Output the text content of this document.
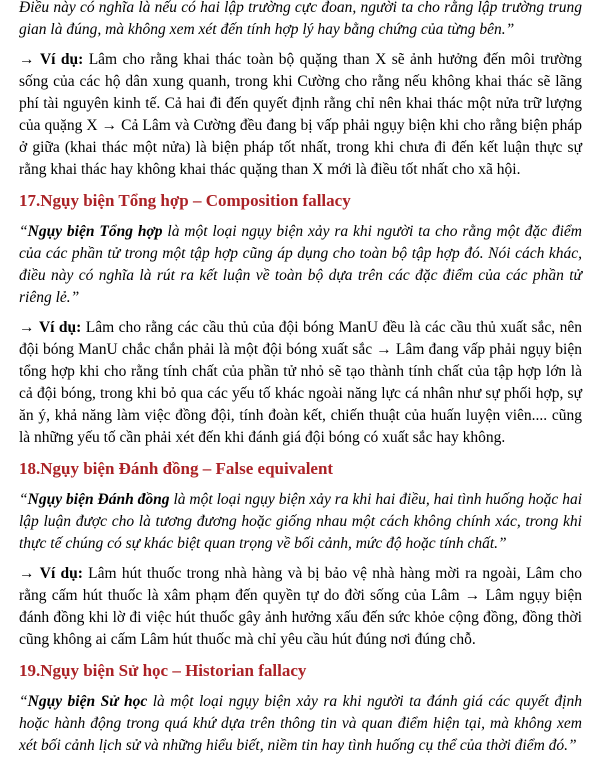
Điều này có nghĩa là nếu có hai lập trường cực đoan, người ta cho rằng lập trường trung gian là đúng, mà không xem xét đến tính hợp lý hay bằng chứng của từng bên.”

→ Ví dụ: Lâm cho rằng khai thác toàn bộ quặng than X sẽ ảnh hưởng đến môi trường sống của các hộ dân xung quanh, trong khi Cường cho rằng nếu không khai thác sẽ lãng phí tài nguyên kinh tế. Cả hai đi đến quyết định rằng chỉ nên khai thác một nửa trữ lượng của quặng X → Cả Lâm và Cường đều đang bị vấp phải ngụy biện khi cho rằng biện pháp ở giữa (khai thác một nửa) là biện pháp tốt nhất, trong khi chưa đi đến kết luận thực sự rằng khai thác hay không khai thác quặng than X mới là điều tốt nhất cho xã hội.

17.Ngụy biện Tổng hợp – Composition fallacy

“Ngụy biện Tổng hợp là một loại ngụy biện xảy ra khi người ta cho rằng một đặc điểm của các phần tử trong một tập hợp cũng áp dụng cho toàn bộ tập hợp đó. Nói cách khác, điều này có nghĩa là rút ra kết luận về toàn bộ dựa trên các đặc điểm của các phần tử riêng lẻ.”

→ Ví dụ: Lâm cho rằng các cầu thủ của đội bóng ManU đều là các cầu thủ xuất sắc, nên đội bóng ManU chắc chắn phải là một đội bóng xuất sắc → Lâm đang vấp phải ngụy biện tổng hợp khi cho rằng tính chất của phần tử nhỏ sẽ tạo thành tính chất của tập hợp lớn là cả đội bóng, trong khi bỏ qua các yếu tố khác ngoài năng lực cá nhân như sự phối hợp, sự ăn ý, khả năng làm việc đồng đội, tính đoàn kết, chiến thuật của huấn luyện viên.... cũng là những yếu tố cần phải xét đến khi đánh giá đội bóng có xuất sắc hay không.

18.Ngụy biện Đánh đồng – False equivalent

“Ngụy biện Đánh đồng là một loại ngụy biện xảy ra khi hai điều, hai tình huống hoặc hai lập luận được cho là tương đương hoặc giống nhau một cách không chính xác, trong khi thực tế chúng có sự khác biệt quan trọng về bối cảnh, mức độ hoặc tính chất.”

→ Ví dụ: Lâm hút thuốc trong nhà hàng và bị bảo vệ nhà hàng mời ra ngoài, Lâm cho rằng cấm hút thuốc là xâm phạm đến quyền tự do đời sống của Lâm → Lâm ngụy biện đánh đồng khi lờ đi việc hút thuốc gây ảnh hưởng xấu đến sức khỏe cộng đồng, đồng thời cũng không ai cấm Lâm hút thuốc mà chỉ yêu cầu hút đúng nơi đúng chỗ.

19.Ngụy biện Sử học – Historian fallacy

“Ngụy biện Sử học là một loại ngụy biện xảy ra khi người ta đánh giá các quyết định hoặc hành động trong quá khứ dựa trên thông tin và quan điểm hiện tại, mà không xem xét bối cảnh lịch sử và những hiểu biết, niềm tin hay tình huống cụ thể của thời điểm đó.”
